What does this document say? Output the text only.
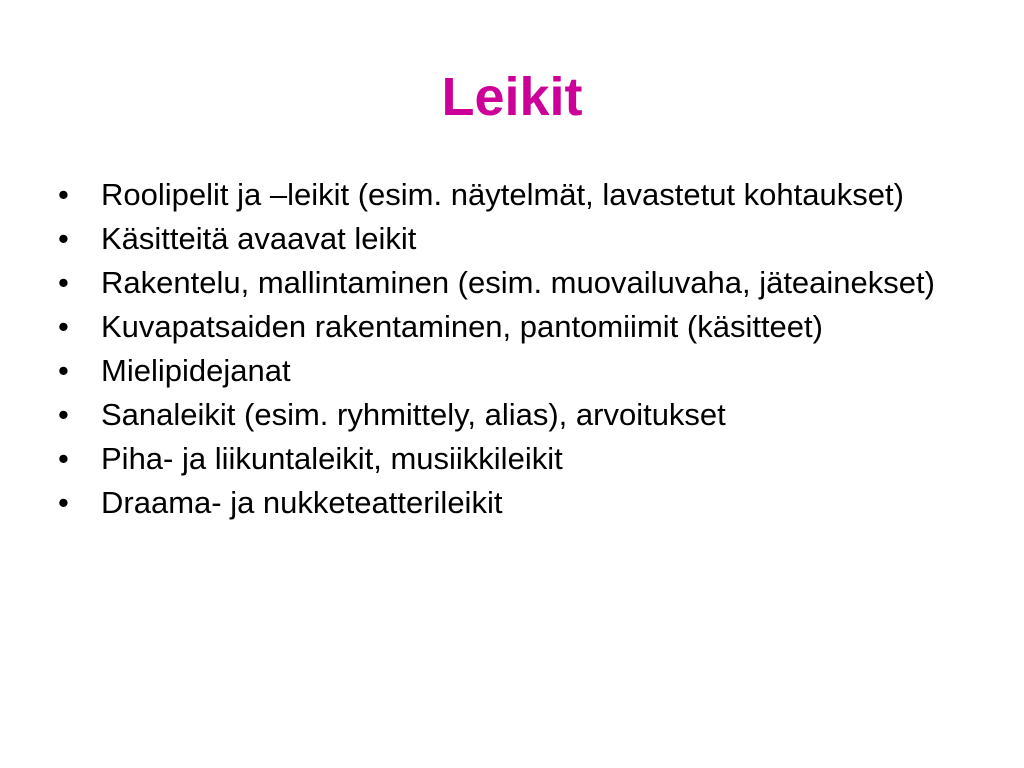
Leikit
• Roolipelit ja –leikit (esim. näytelmät, lavastetut kohtaukset)
• Käsitteitä avaavat leikit
• Rakentelu, mallintaminen (esim. muovailuvaha, jäteainekset)
• Kuvapatsaiden rakentaminen, pantomiimit (käsitteet)
• Mielipidejanat
• Sanaleikit (esim. ryhmittely, alias), arvoitukset
• Piha- ja liikuntaleikit, musiikkileikit
• Draama- ja nukketeatterileikit
